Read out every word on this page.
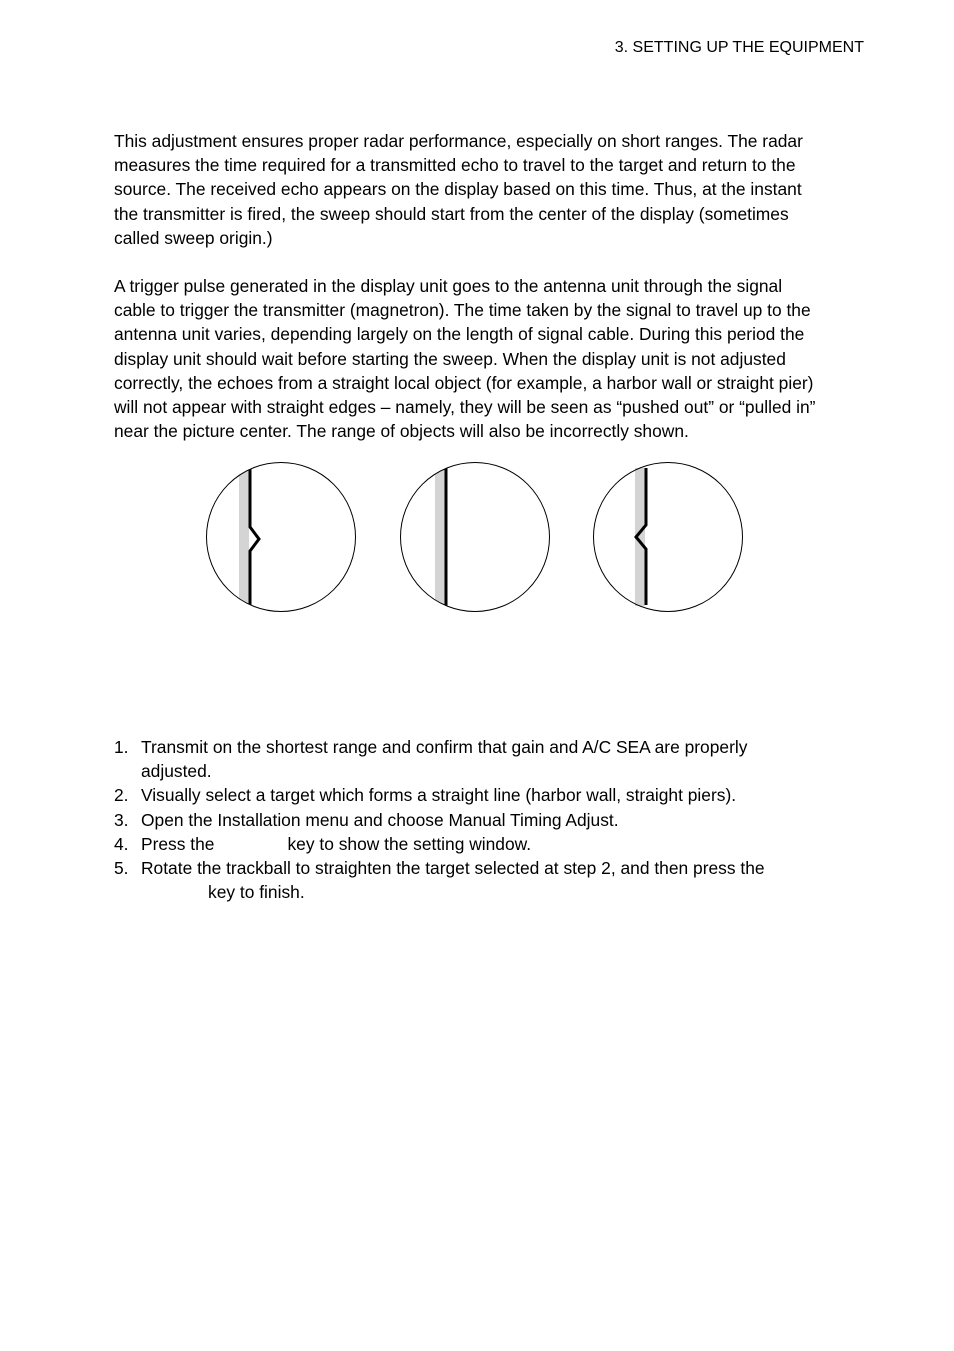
3. SETTING UP THE EQUIPMENT
This adjustment ensures proper radar performance, especially on short ranges. The radar
measures the time required for a transmitted echo to travel to the target and return to the
source. The received echo appears on the display based on this time. Thus, at the instant
the transmitter is fired, the sweep should start from the center of the display (sometimes
called sweep origin.)
A trigger pulse generated in the display unit goes to the antenna unit through the signal
cable to trigger the transmitter (magnetron). The time taken by the signal to travel up to the
antenna unit varies, depending largely on the length of signal cable. During this period the
display unit should wait before starting the sweep. When the display unit is not adjusted
correctly, the echoes from a straight local object (for example, a harbor wall or straight pier)
will not appear with straight edges – namely, they will be seen as “pushed out” or “pulled in”
near the picture center. The range of objects will also be incorrectly shown.
1. Transmit on the shortest range and confirm that gain and A/C SEA are properly
adjusted.
2. Visually select a target which forms a straight line (harbor wall, straight piers).
3. Open the Installation menu and choose Manual Timing Adjust.
4. Press the	key to show the setting window.
5. Rotate the trackball to straighten the target selected at step 2, and then press the
key to finish.
